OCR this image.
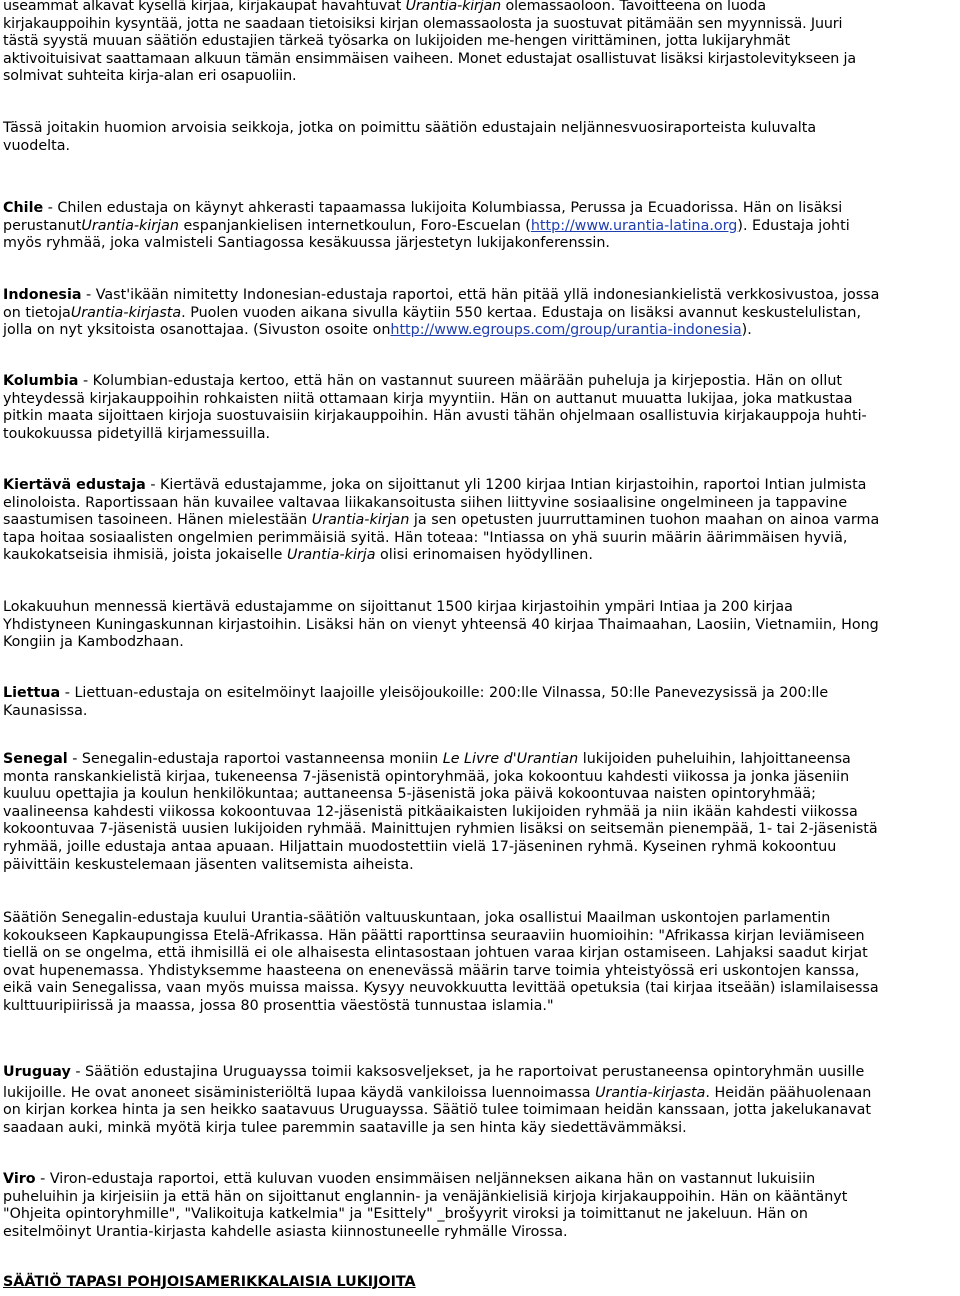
useammat alkavat kysellä kirjaa, kirjakaupat havahtuvat Urantia-kirjan olemassaoloon. Tavoitteena on luoda
kirjakauppoihin kysyntää, jotta ne saadaan tietoisiksi kirjan olemassaolosta ja suostuvat pitämään sen myynnissä. Juuri
tästä syystä muuan säätiön edustajien tärkeä työsarka on lukijoiden me-hengen virittäminen, jotta lukijaryhmät
aktivoituisivat saattamaan alkuun tämän ensimmäisen vaiheen. Monet edustajat osallistuvat lisäksi kirjastolevitykseen ja
solmivat suhteita kirja-alan eri osapuoliin.

Tässä joitakin huomion arvoisia seikkoja, jotka on poimittu säätiön edustajain neljännesvuosiraporteista kuluvalta
vuodelta.

Chile - Chilen edustaja on käynyt ahkerasti tapaamassa lukijoita Kolumbiassa, Perussa ja Ecuadorissa. Hän on lisäksi
perustanutUrantia-kirjan espanjankielisen internetkoulun, Foro-Escuelan (http://www.urantia-latina.org). Edustaja johti
myös ryhmää, joka valmisteli Santiagossa kesäkuussa järjestetyn lukijakonferenssin.

Indonesia - Vast'ikään nimitetty Indonesian-edustaja raportoi, että hän pitää yllä indonesiankielistä verkkosivustoa, jossa
on tietojaUrantia-kirjasta. Puolen vuoden aikana sivulla käytiin 550 kertaa. Edustaja on lisäksi avannut keskustelulistan,
jolla on nyt yksitoista osanottajaa. (Sivuston osoite onhttp://www.egroups.com/group/urantia-indonesia).

Kolumbia - Kolumbian-edustaja kertoo, että hän on vastannut suureen määrään puheluja ja kirjepostia. Hän on ollut
yhteydessä kirjakauppoihin rohkaisten niitä ottamaan kirja myyntiin. Hän on auttanut muuatta lukijaa, joka matkustaa
pitkin maata sijoittaen kirjoja suostuvaisiin kirjakauppoihin. Hän avusti tähän ohjelmaan osallistuvia kirjakauppoja huhti-
toukokuussa pidetyillä kirjamessuilla.

Kiertävä edustaja - Kiertävä edustajamme, joka on sijoittanut yli 1200 kirjaa Intian kirjastoihin, raportoi Intian julmista
elinoloista. Raportissaan hän kuvailee valtavaa liikakansoitusta siihen liittyvine sosiaalisine ongelmineen ja tappavine
saastumisen tasoineen. Hänen mielestään Urantia-kirjan ja sen opetusten juurruttaminen tuohon maahan on ainoa varma
tapa hoitaa sosiaalisten ongelmien perimmäisiä syitä. Hän toteaa: "Intiassa on yhä suurin määrin äärimmäisen hyviä,
kaukokatseisia ihmisiä, joista jokaiselle Urantia-kirja olisi erinomaisen hyödyllinen.

Lokakuuhun mennessä kiertävä edustajamme on sijoittanut 1500 kirjaa kirjastoihin ympäri Intiaa ja 200 kirjaa
Yhdistyneen Kuningaskunnan kirjastoihin. Lisäksi hän on vienyt yhteensä 40 kirjaa Thaimaahan, Laosiin, Vietnamiin, Hong
Kongiin ja Kambodzhaan.

Liettua - Liettuan-edustaja on esitelmöinyt laajoille yleisöjoukoille: 200:lle Vilnassa, 50:lle Panevezysissä ja 200:lle
Kaunasissa.

Senegal - Senegalin-edustaja raportoi vastanneensa moniin Le Livre d'Urantian lukijoiden puheluihin, lahjoittaneensa
monta ranskankielistä kirjaa, tukeneensa 7-jäsenistä opintoryhmää, joka kokoontuu kahdesti viikossa ja jonka jäseniin
kuuluu opettajia ja koulun henkilökuntaa; auttaneensa 5-jäsenistä joka päivä kokoontuvaa naisten opintoryhmää;
vaalineensa kahdesti viikossa kokoontuvaa 12-jäsenistä pitkäaikaisten lukijoiden ryhmää ja niin ikään kahdesti viikossa
kokoontuvaa 7-jäsenistä uusien lukijoiden ryhmää. Mainittujen ryhmien lisäksi on seitsemän pienempää, 1- tai 2-jäsenistä
ryhmää, joille edustaja antaa apuaan. Hiljattain muodostettiin vielä 17-jäseninen ryhmä. Kyseinen ryhmä kokoontuu
päivittäin keskustelemaan jäsenten valitsemista aiheista.

Säätiön Senegalin-edustaja kuului Urantia-säätiön valtuuskuntaan, joka osallistui Maailman uskontojen parlamentin
kokoukseen Kapkaupungissa Etelä-Afrikassa. Hän päätti raporttinsa seuraaviin huomioihin: "Afrikassa kirjan leviämiseen
tiellä on se ongelma, että ihmisillä ei ole alhaisesta elintasostaan johtuen varaa kirjan ostamiseen. Lahjaksi saadut kirjat
ovat hupenemassa. Yhdistyksemme haasteena on enenevässä määrin tarve toimia yhteistyössä eri uskontojen kanssa,
eikä vain Senegalissa, vaan myös muissa maissa. Kysyy neuvokkuutta levittää opetuksia (tai kirjaa itseään) islamilaisessa
kulttuuripiirissä ja maassa, jossa 80 prosenttia väestöstä tunnustaa islamia."

Uruguay - Säätiön edustajina Uruguayssa toimii kaksosveljekset, ja he raportoivat perustaneensa opintoryhmän uusille
lukijoille. He ovat anoneet sisäministeriöltä lupaa käydä vankiloissa luennoimassa Urantia-kirjasta. Heidän päähuolenaan
on kirjan korkea hinta ja sen heikko saatavuus Uruguayssa. Säätiö tulee toimimaan heidän kanssaan, jotta jakelukanavat
saadaan auki, minkä myötä kirja tulee paremmin saataville ja sen hinta käy siedettävämmäksi.

Viro - Viron-edustaja raportoi, että kuluvan vuoden ensimmäisen neljänneksen aikana hän on vastannut lukuisiin
puheluihin ja kirjeisiin ja että hän on sijoittanut englannin- ja venäjänkielisiä kirjoja kirjakauppoihin. Hän on kääntänyt
"Ohjeita opintoryhmille", "Valikoituja katkelmia" ja "Esittely" _brošyyrit viroksi ja toimittanut ne jakeluun. Hän on
esitelmöinyt Urantia-kirjasta kahdelle asiasta kiinnostuneelle ryhmälle Virossa.

SÄÄTIÖ TAPASI POHJOISAMERIKKALAISIA LUKIJOITA
